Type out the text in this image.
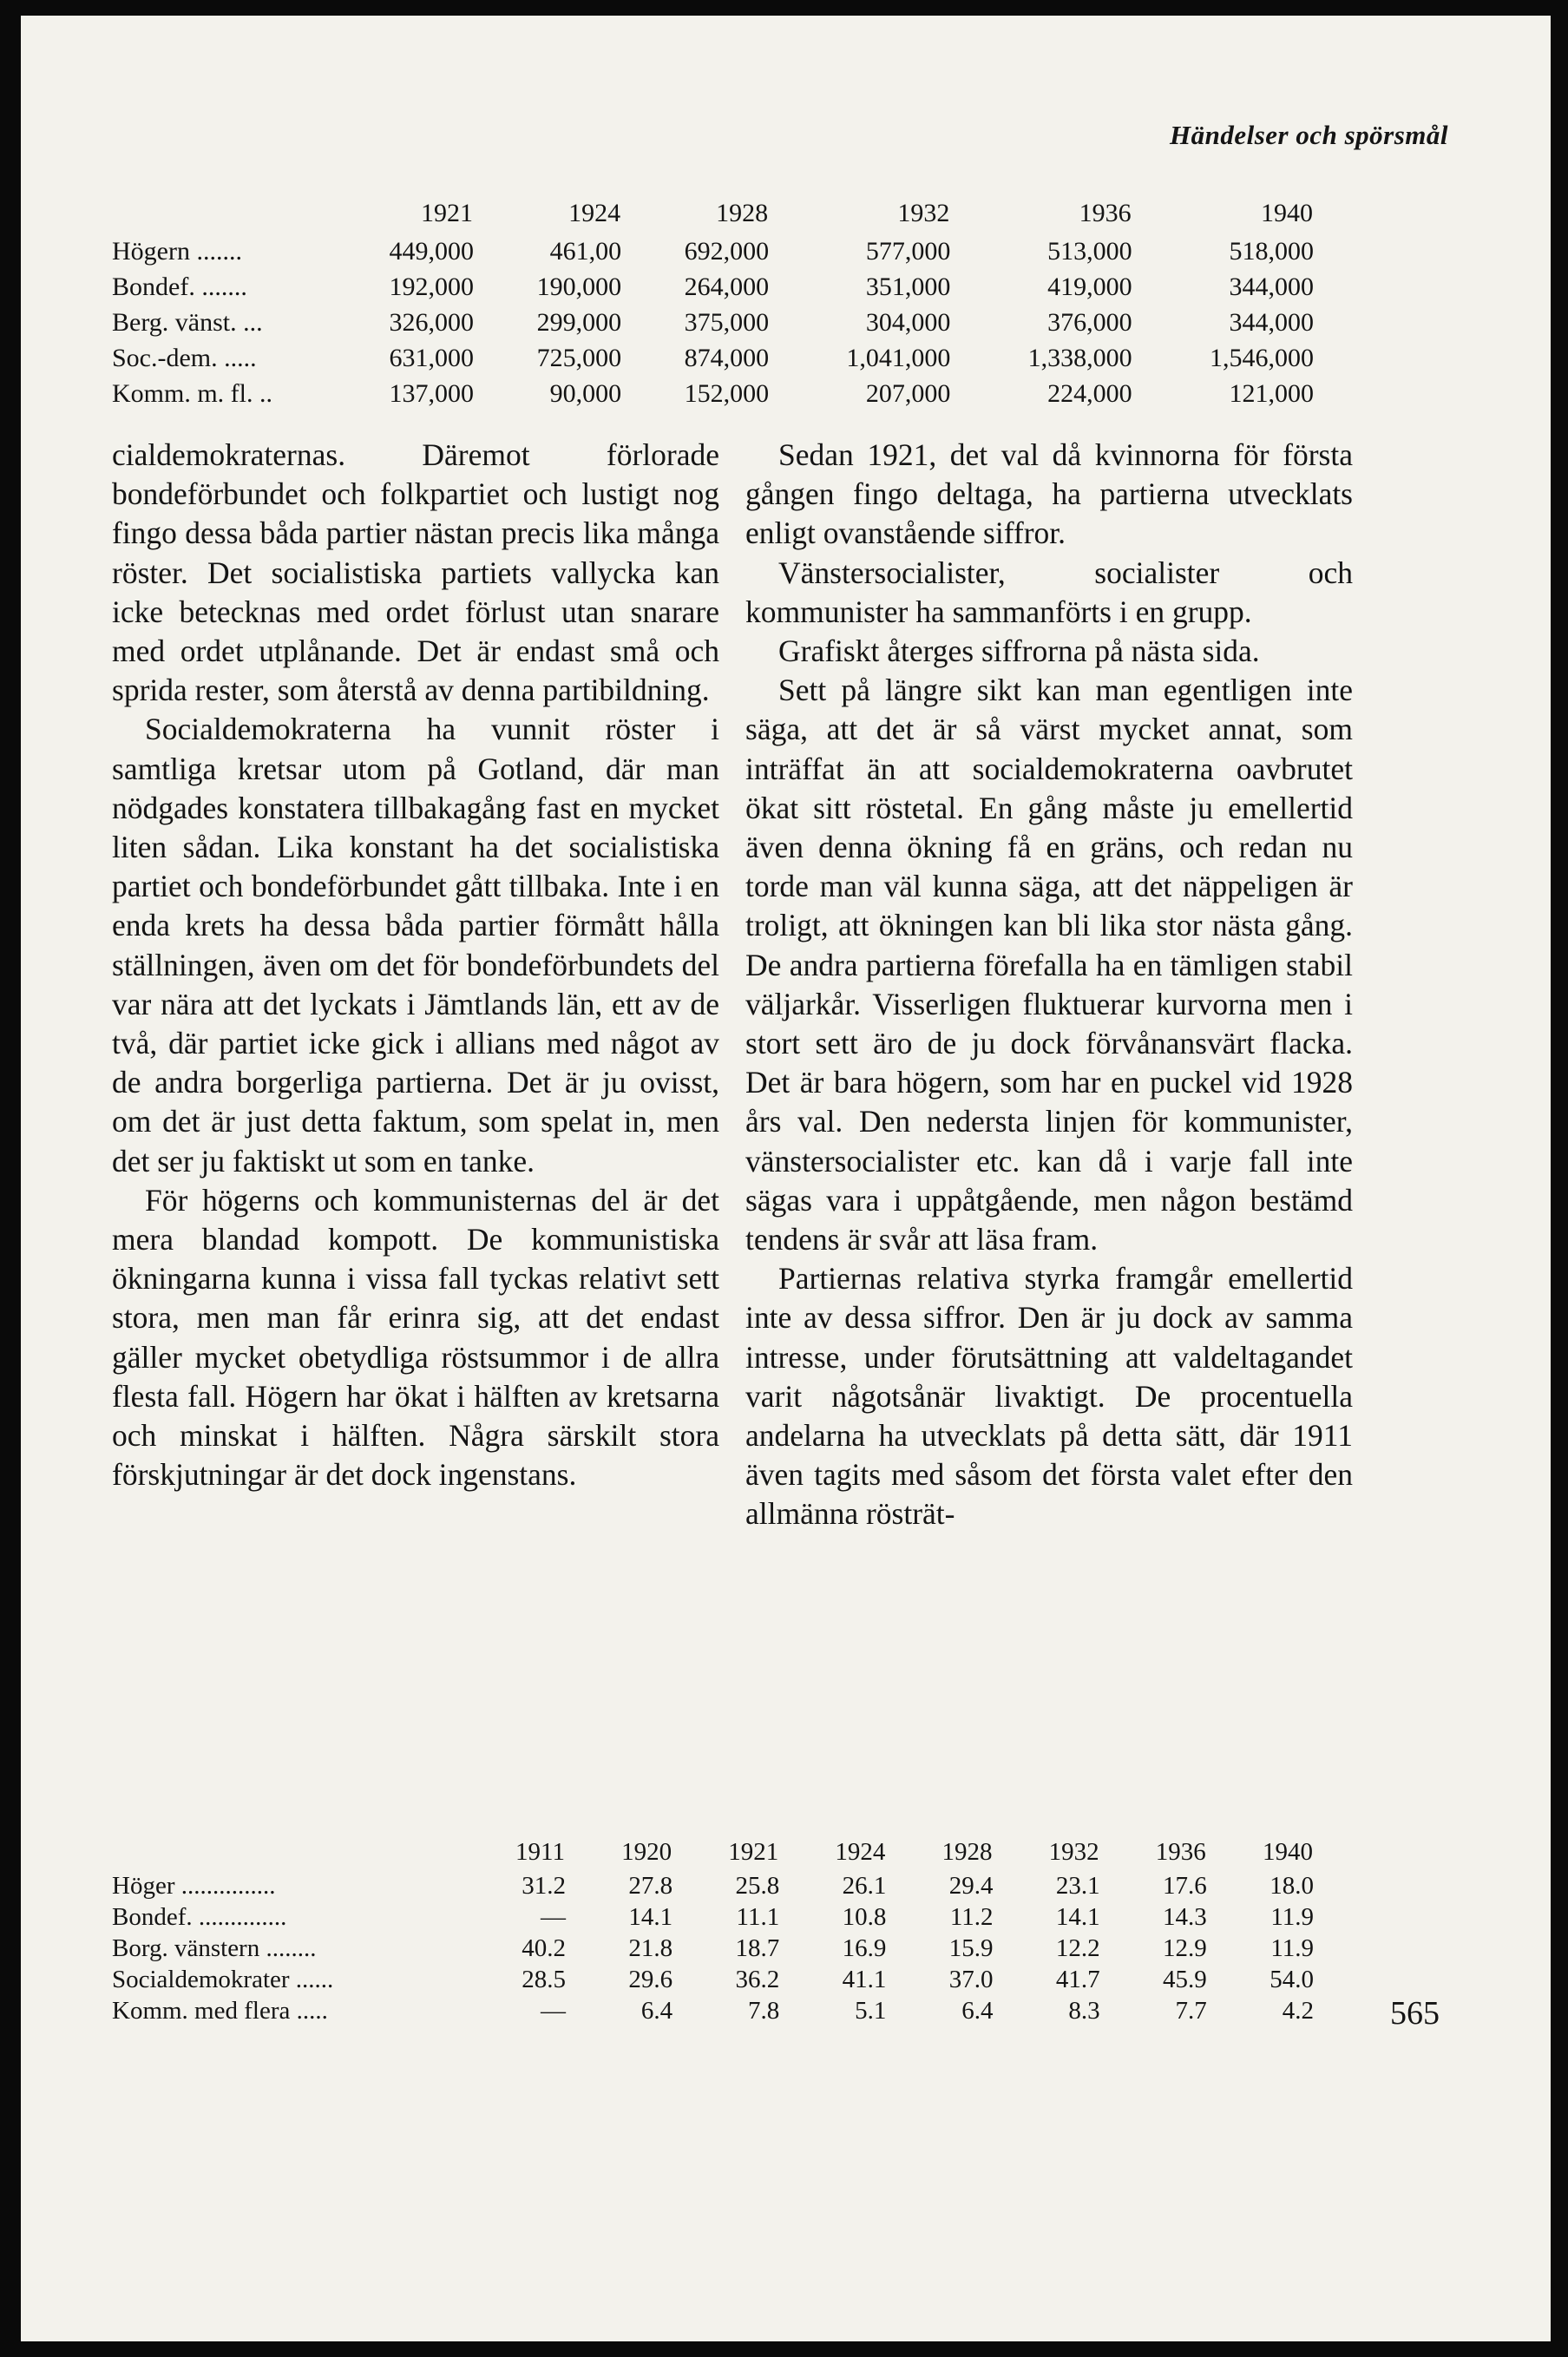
Händelser och spörsmål
	1921	1924	1928	1932	1936	1940
Högern .......	449,000	461,00	692,000	577,000	513,000	518,000
Bondef. .......	192,000	190,000	264,000	351,000	419,000	344,000
Berg. vänst. ...	326,000	299,000	375,000	304,000	376,000	344,000
Soc.-dem. .....	631,000	725,000	874,000	1,041,000	1,338,000	1,546,000
Komm. m. fl. ..	137,000	90,000	152,000	207,000	224,000	121,000

cialdemokraternas. Däremot förlorade bondeförbundet och folkpartiet och lustigt nog fingo dessa båda partier nästan precis lika många röster. Det socialistiska partiets vallycka kan icke betecknas med ordet förlust utan snarare med ordet utplånande. Det är endast små och sprida rester, som återstå av denna partibildning.

Socialdemokraterna ha vunnit röster i samtliga kretsar utom på Gotland, där man nödgades konstatera tillbakagång fast en mycket liten sådan. Lika konstant ha det socialistiska partiet och bondeförbundet gått tillbaka. Inte i en enda krets ha dessa båda partier förmått hålla ställningen, även om det för bondeförbundets del var nära att det lyckats i Jämtlands län, ett av de två, där partiet icke gick i allians med något av de andra borgerliga partierna. Det är ju ovisst, om det är just detta faktum, som spelat in, men det ser ju faktiskt ut som en tanke.

För högerns och kommunisternas del är det mera blandad kompott. De kommunistiska ökningarna kunna i vissa fall tyckas relativt sett stora, men man får erinra sig, att det endast gäller mycket obetydliga röstsummor i de allra flesta fall. Högern har ökat i hälften av kretsarna och minskat i hälften. Några särskilt stora förskjutningar är det dock ingenstans.

Sedan 1921, det val då kvinnorna för första gången fingo deltaga, ha partierna utvecklats enligt ovanstående siffror.

Vänstersocialister, socialister och kommunister ha sammanförts i en grupp.

Grafiskt återges siffrorna på nästa sida.

Sett på längre sikt kan man egentligen inte säga, att det är så värst mycket annat, som inträffat än att socialdemokraterna oavbrutet ökat sitt röstetal. En gång måste ju emellertid även denna ökning få en gräns, och redan nu torde man väl kunna säga, att det näppeligen är troligt, att ökningen kan bli lika stor nästa gång. De andra partierna förefalla ha en tämligen stabil väljarkår. Visserligen fluktuerar kurvorna men i stort sett äro de ju dock förvånansvärt flacka. Det är bara högern, som har en puckel vid 1928 års val. Den nedersta linjen för kommunister, vänstersocialister etc. kan då i varje fall inte sägas vara i uppåtgående, men någon bestämd tendens är svår att läsa fram.

Partiernas relativa styrka framgår emellertid inte av dessa siffror. Den är ju dock av samma intresse, under förutsättning att valdeltagandet varit någotsånär livaktigt. De procentuella andelarna ha utvecklats på detta sätt, där 1911 även tagits med såsom det första valet efter den allmänna rösträt-

	1911	1920	1921	1924	1928	1932	1936	1940
Höger ...............	31.2	27.8	25.8	26.1	29.4	23.1	17.6	18.0
Bondef. ..............	—	14.1	11.1	10.8	11.2	14.1	14.3	11.9
Borg. vänstern ........	40.2	21.8	18.7	16.9	15.9	12.2	12.9	11.9
Socialdemokrater ......	28.5	29.6	36.2	41.1	37.0	41.7	45.9	54.0
Komm. med flera .....	—	6.4	7.8	5.1	6.4	8.3	7.7	4.2 565
